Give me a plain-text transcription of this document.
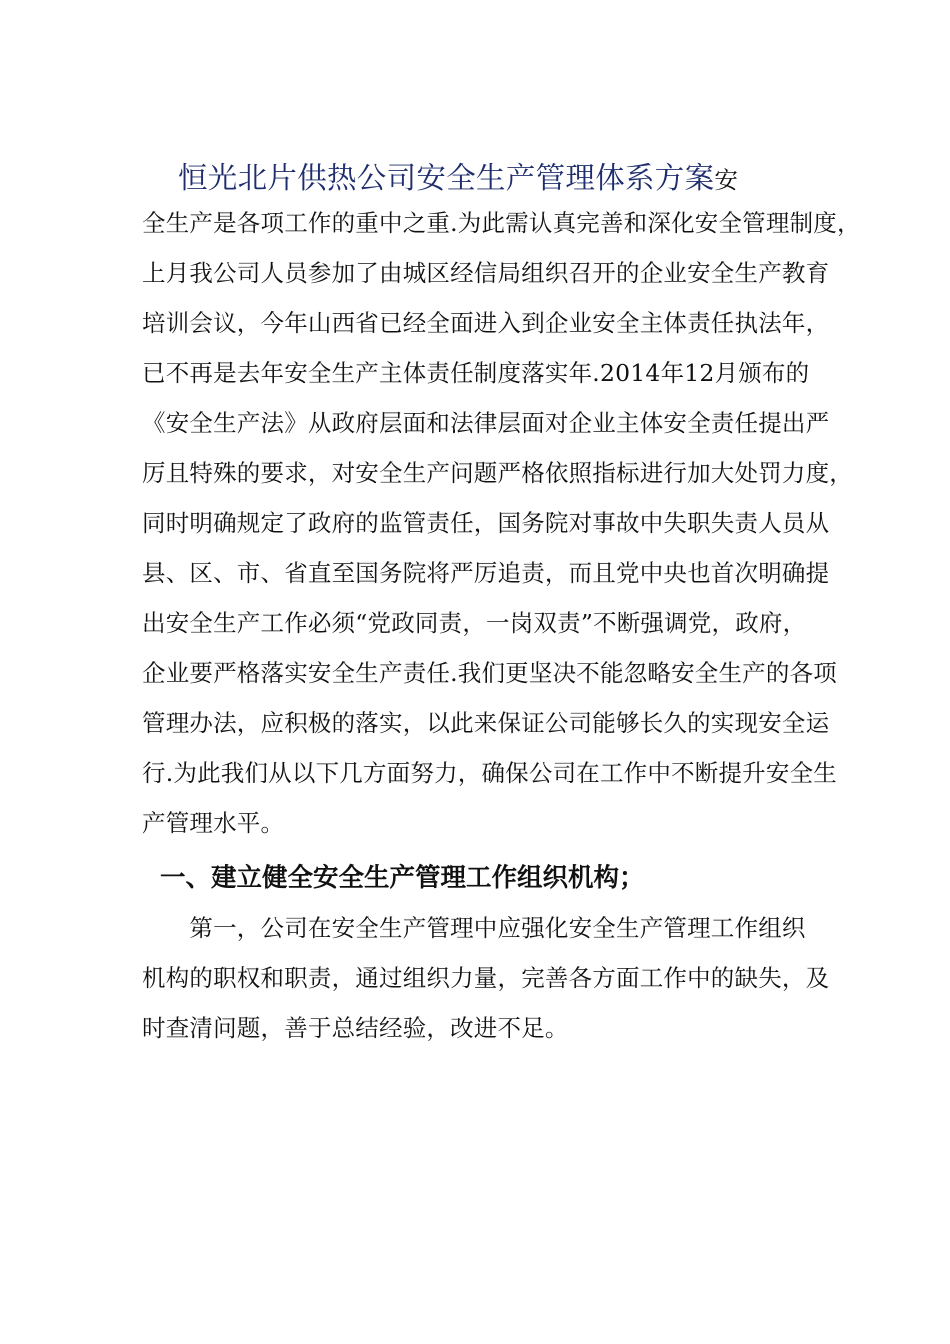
恒光北片供热公司安全生产管理体系方案安
全生产是各项工作的重中之重.为此需认真完善和深化安全管理制度，
上月我公司人员参加了由城区经信局组织召开的企业安全生产教育
培训会议，今年山西省已经全面进入到企业安全主体责任执法年，
已不再是去年安全生产主体责任制度落实年.2014年12月颁布的
《安全生产法》从政府层面和法律层面对企业主体安全责任提出严
厉且特殊的要求，对安全生产问题严格依照指标进行加大处罚力度，
同时明确规定了政府的监管责任，国务院对事故中失职失责人员从
县、区、市、省直至国务院将严厉追责，而且党中央也首次明确提
出安全生产工作必须“党政同责，一岗双责”不断强调党，政府，
企业要严格落实安全生产责任.我们更坚决不能忽略安全生产的各项
管理办法，应积极的落实，以此来保证公司能够长久的实现安全运
行.为此我们从以下几方面努力，确保公司在工作中不断提升安全生
产管理水平。
一、建立健全安全生产管理工作组织机构；
　　第一，公司在安全生产管理中应强化安全生产管理工作组织
机构的职权和职责，通过组织力量，完善各方面工作中的缺失，及
时查清问题，善于总结经验，改进不足。
